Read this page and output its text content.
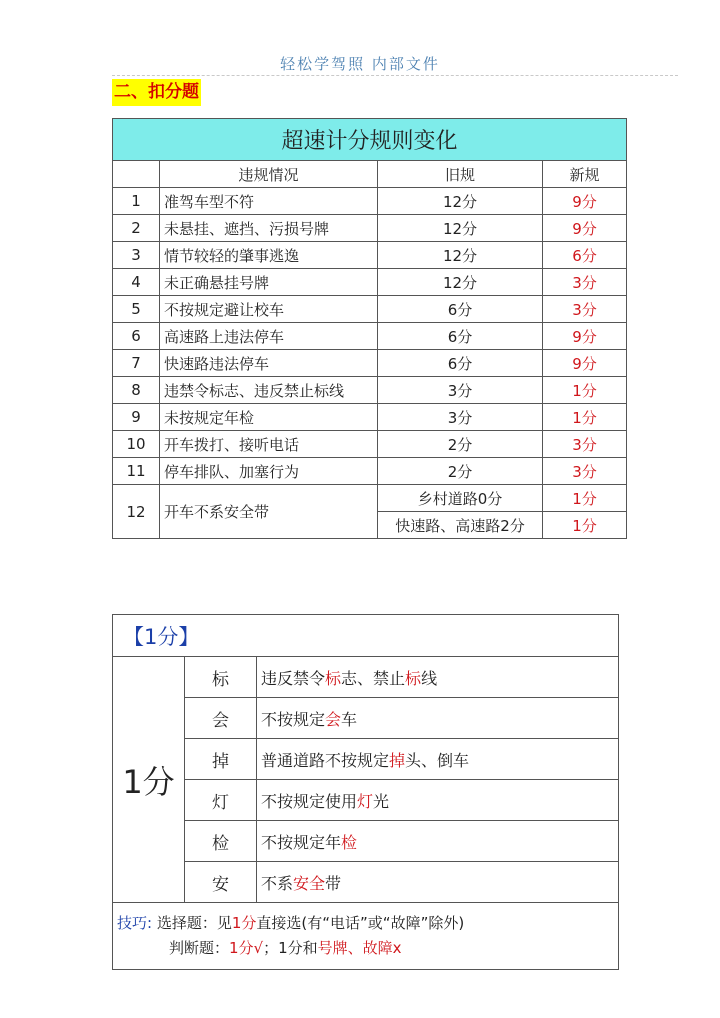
轻松学驾照 内部文件
二、扣分题
超速计分规则变化			
	违规情况	旧规	新规
1	准驾车型不符	12分	9分
2	未悬挂、遮挡、污损号牌	12分	9分
3	情节较轻的肇事逃逸	12分	6分
4	未正确悬挂号牌	12分	3分
5	不按规定避让校车	6分	3分
6	高速路上违法停车	6分	9分
7	快速路违法停车	6分	9分
8	违禁令标志、违反禁止标线	3分	1分
9	未按规定年检	3分	1分
10	开车拨打、接听电话	2分	3分
11	停车排队、加塞行为	2分	3分
12	开车不系安全带	乡村道路0分	1分
		快速路、高速路2分	1分
【1分】		
1分	标	违反禁令标志、禁止标线
	会	不按规定会车
	掉	普通道路不按规定掉头、倒车
	灯	不按规定使用灯光
	检	不按规定年检
	安	不系安全带

技巧: 选择题：见1分直接选(有“电话”或“故障”除外)
判断题：1分√；1分和号牌、故障x		
